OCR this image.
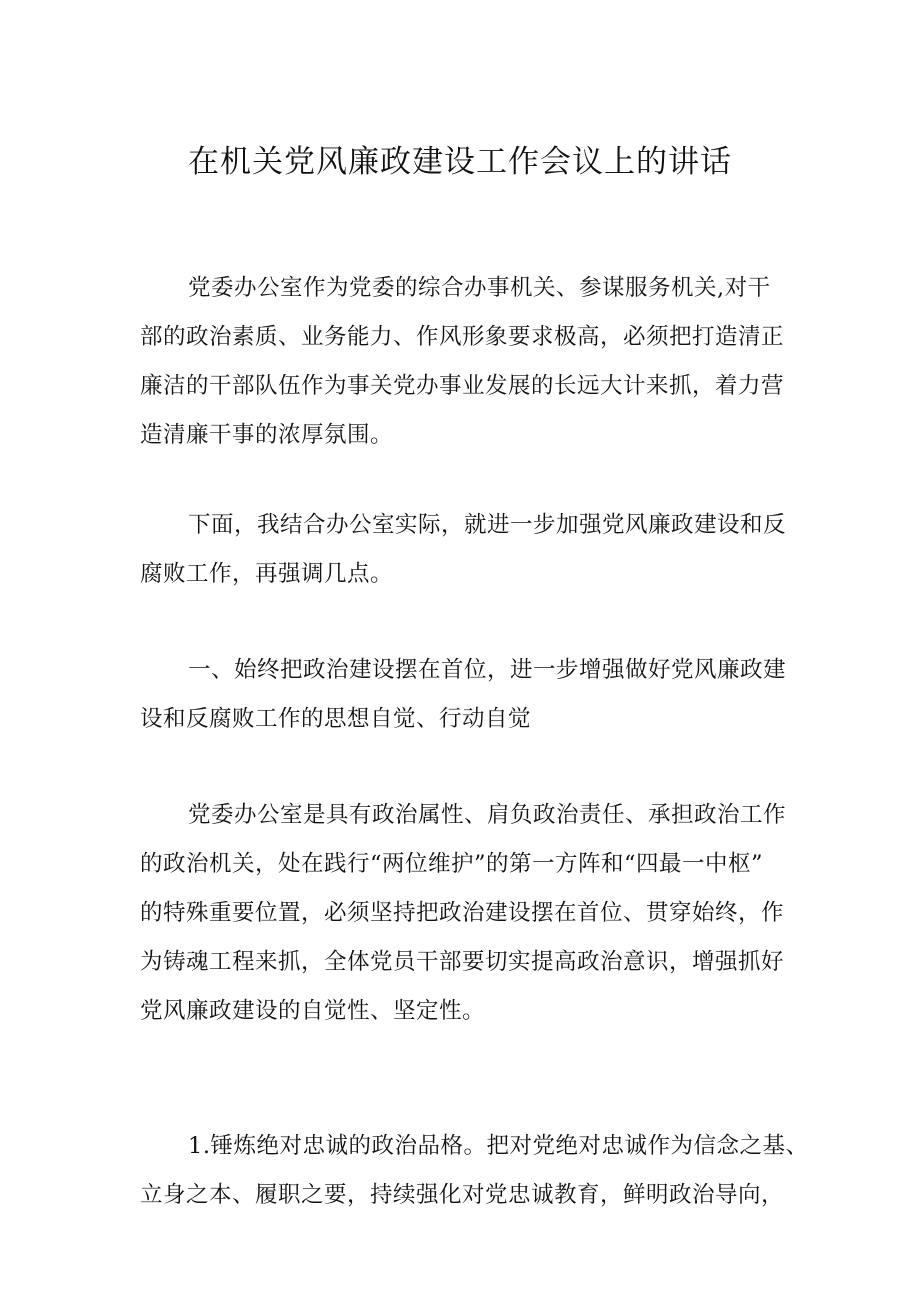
在机关党风廉政建设工作会议上的讲话
党委办公室作为党委的综合办事机关、参谋服务机关,对干
部的政治素质、业务能力、作风形象要求极高，必须把打造清正
廉洁的干部队伍作为事关党办事业发展的长远大计来抓，着力营
造清廉干事的浓厚氛围。
下面，我结合办公室实际，就进一步加强党风廉政建设和反
腐败工作，再强调几点。
一、始终把政治建设摆在首位，进一步增强做好党风廉政建
设和反腐败工作的思想自觉、行动自觉
党委办公室是具有政治属性、肩负政治责任、承担政治工作
的政治机关，处在践行“两位维护”的第一方阵和“四最一中枢”
的特殊重要位置，必须坚持把政治建设摆在首位、贯穿始终，作
为铸魂工程来抓，全体党员干部要切实提高政治意识，增强抓好
党风廉政建设的自觉性、坚定性。
1.锤炼绝对忠诚的政治品格。把对党绝对忠诚作为信念之基、
立身之本、履职之要，持续强化对党忠诚教育，鲜明政治导向，
